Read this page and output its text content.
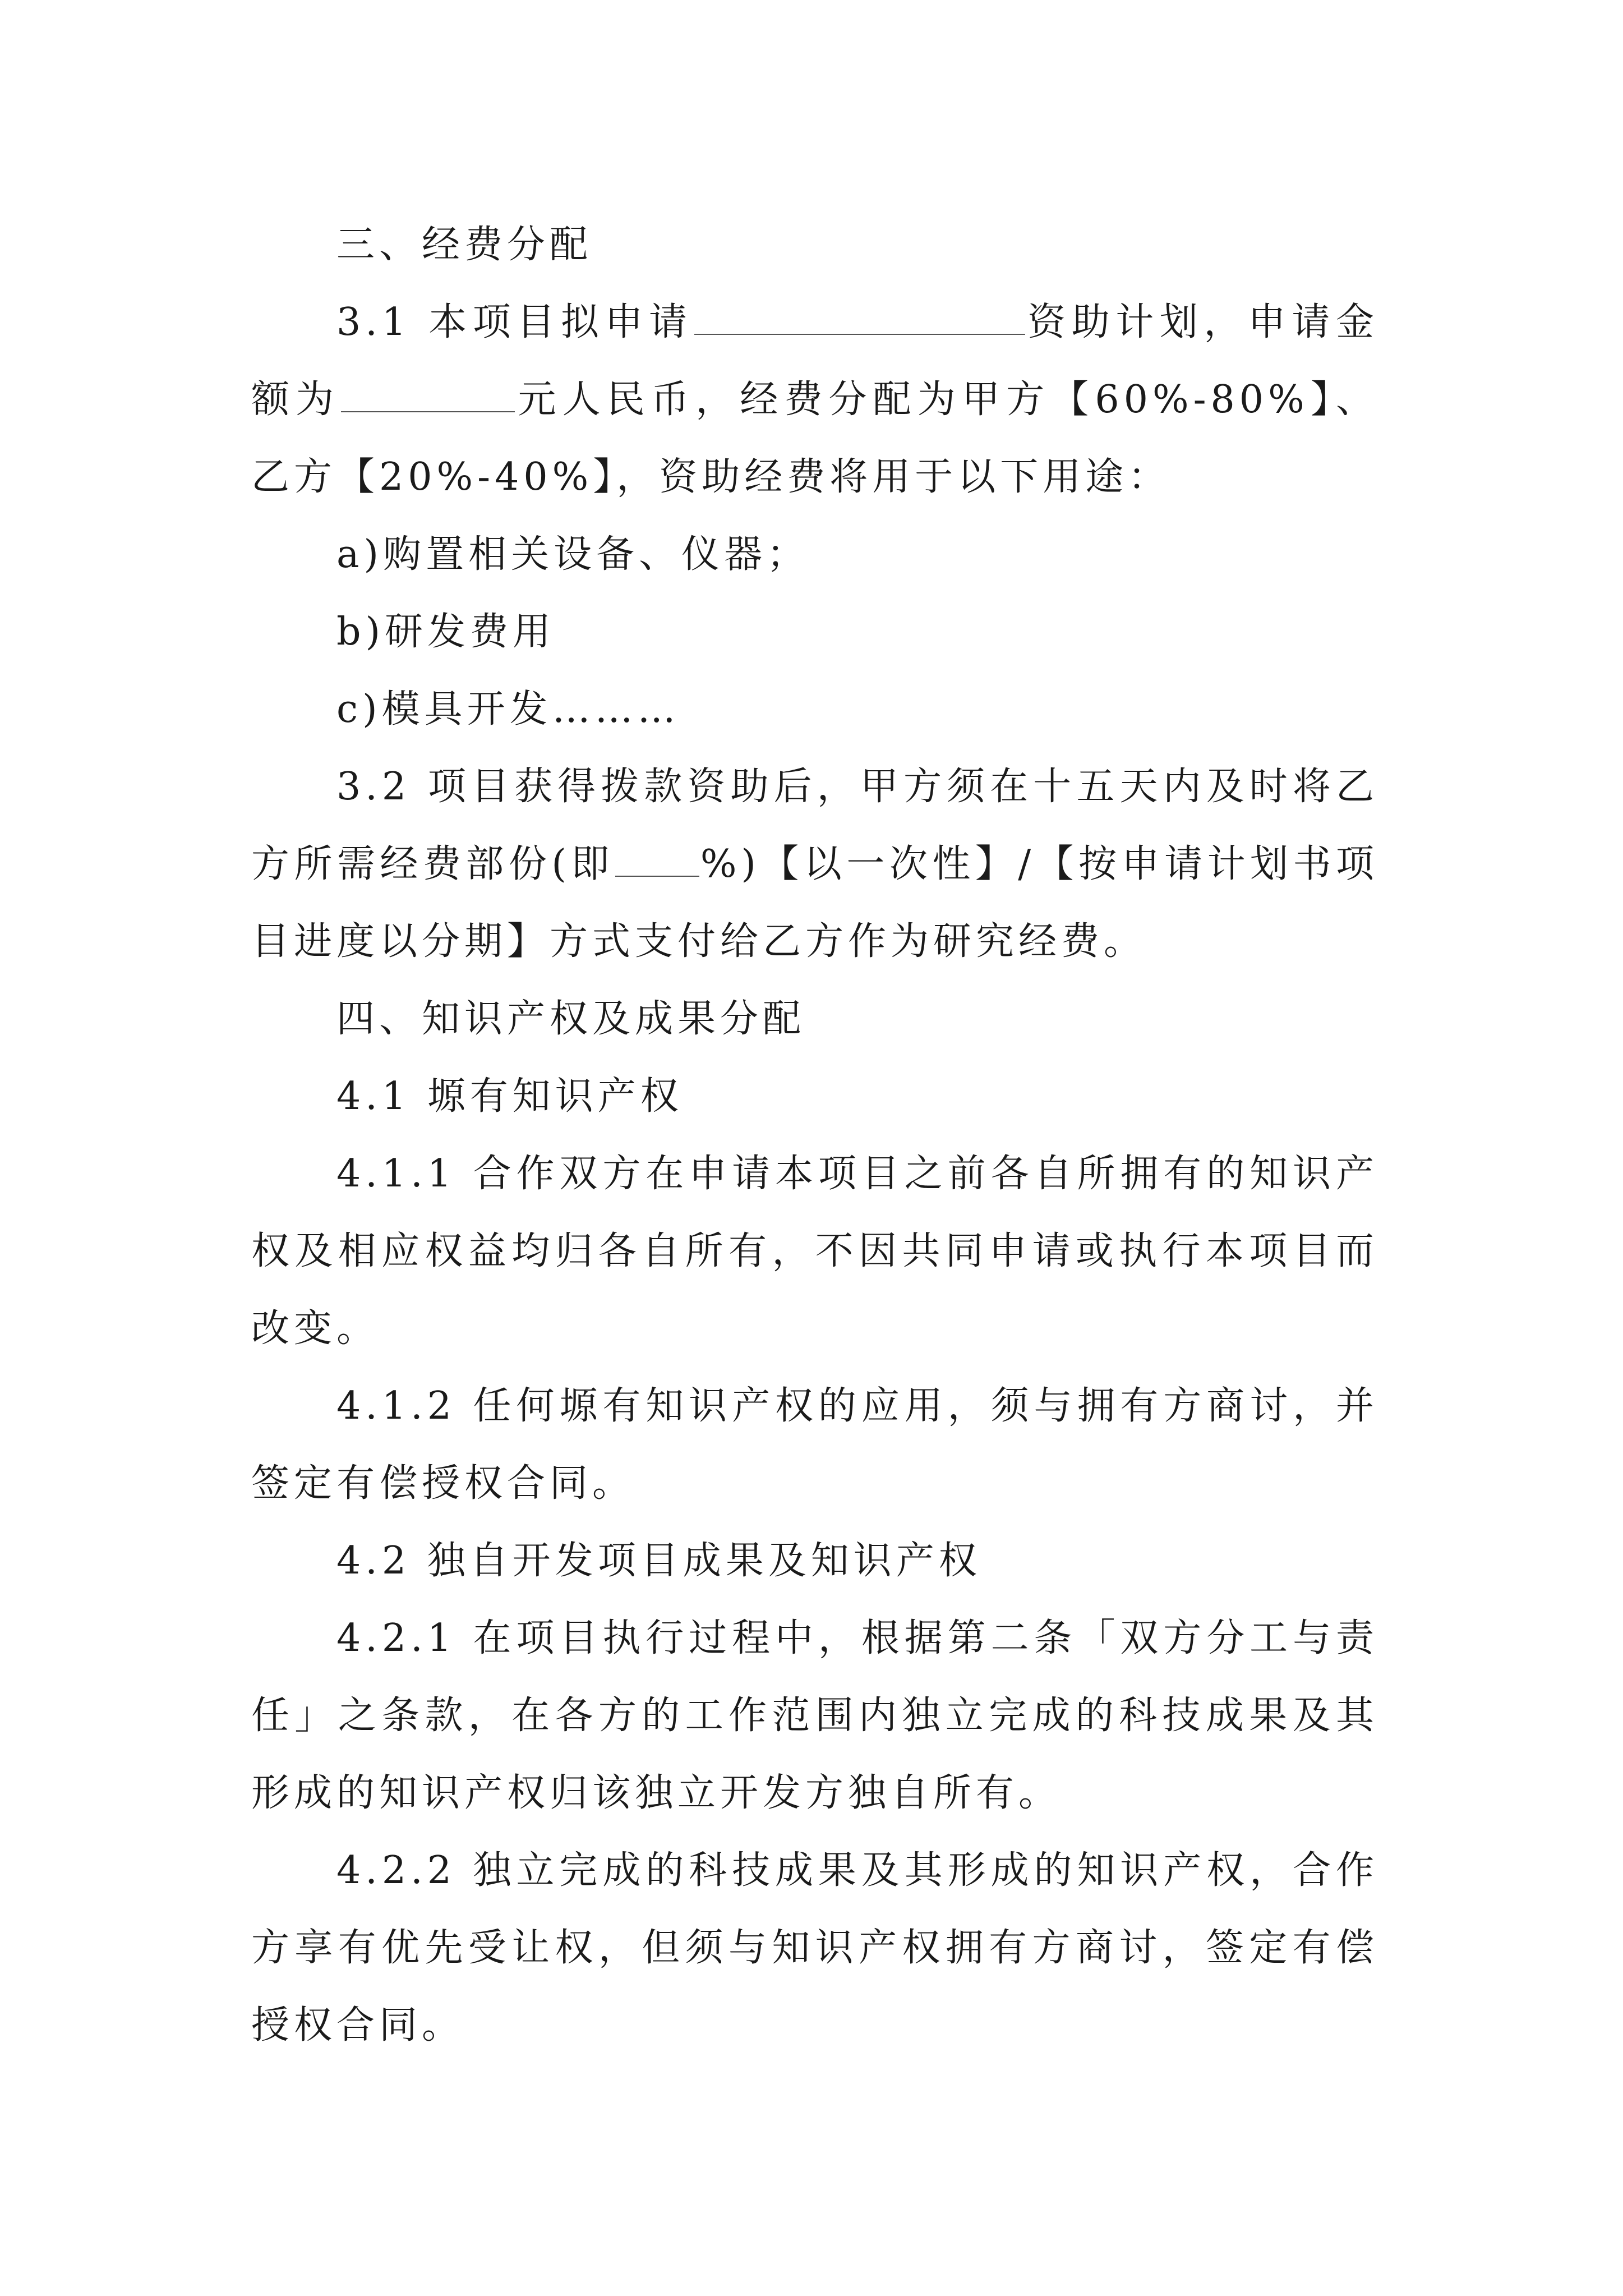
三、经费分配

3.1 本项目拟申请	资助计划，申请金额为	元人民币，经费分配为甲方【60%-80%】、乙方【20%-40%】，资助经费将用于以下用途：

a)购置相关设备、仪器；

b)研发费用

c)模具开发………

3.2 项目获得拨款资助后，甲方须在十五天内及时将乙方所需经费部份(即 %)【以一次性】/【按申请计划书项目进度以分期】方式支付给乙方作为研究经费。

四、知识产权及成果分配

4.1 塬有知识产权

4.1.1 合作双方在申请本项目之前各自所拥有的知识产权及相应权益均归各自所有，不因共同申请或执行本项目而改变。

4.1.2 任何塬有知识产权的应用，须与拥有方商讨，并签定有偿授权合同。

4.2 独自开发项目成果及知识产权

4.2.1 在项目执行过程中，根据第二条「双方分工与责任」之条款，在各方的工作范围内独立完成的科技成果及其形成的知识产权归该独立开发方独自所有。

4.2.2 独立完成的科技成果及其形成的知识产权，合作方享有优先受让权，但须与知识产权拥有方商讨，签定有偿授权合同。
